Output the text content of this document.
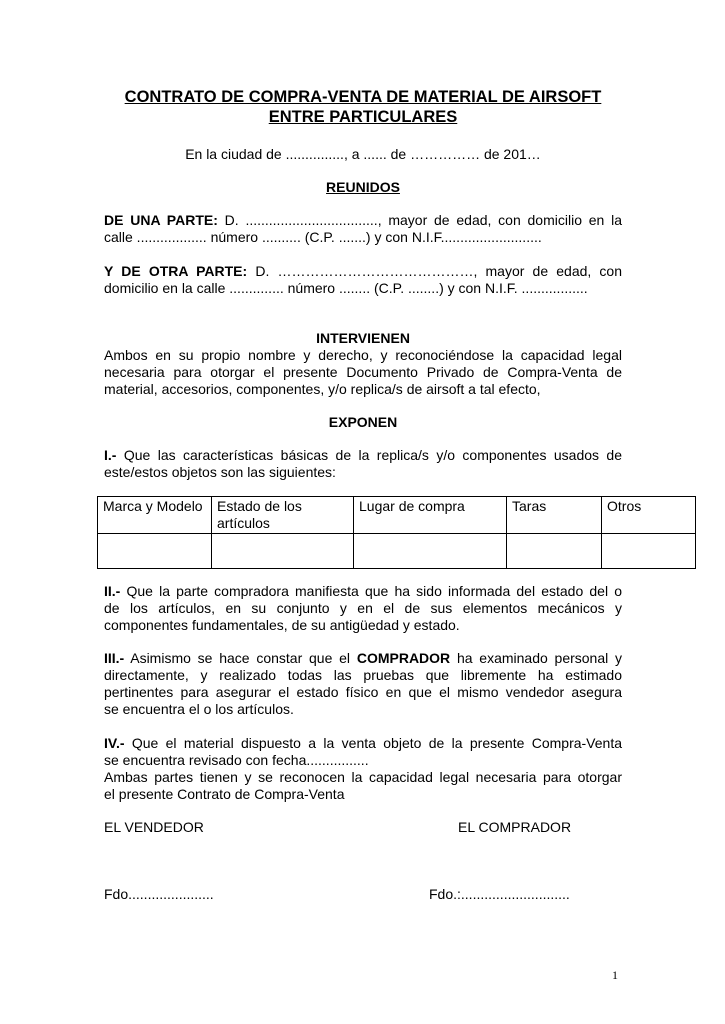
CONTRATO DE COMPRA-VENTA DE MATERIAL DE AIRSOFT
ENTRE PARTICULARES
En la ciudad de ..............., a ...... de …………… de 201…
REUNIDOS
DE UNA PARTE: D. .................................., mayor de edad, con domicilio en la
calle .................. número .......... (C.P. .......) y con N.I.F..........................
Y DE OTRA PARTE: D. ……………………………………, mayor de edad, con
domicilio en la calle .............. número ........ (C.P. ........) y con N.I.F. .................
INTERVIENEN
Ambos en su propio nombre y derecho, y reconociéndose la capacidad legal
necesaria para otorgar el presente Documento Privado de Compra-Venta de
material, accesorios, componentes, y/o replica/s de airsoft a tal efecto,
EXPONEN
I.- Que las características básicas de la replica/s y/o componentes usados de
este/estos objetos son las siguientes:
Marca y Modelo	Estado de los artículos	Lugar de compra	Taras	Otros

II.- Que la parte compradora manifiesta que ha sido informada del estado del o
de los artículos, en su conjunto y en el de sus elementos mecánicos y
componentes fundamentales, de su antigüedad y estado.
III.- Asimismo se hace constar que el COMPRADOR ha examinado personal y
directamente, y realizado todas las pruebas que libremente ha estimado
pertinentes para asegurar el estado físico en que el mismo vendedor asegura
se encuentra el o los artículos.
IV.- Que el material dispuesto a la venta objeto de la presente Compra-Venta
se encuentra revisado con fecha................
Ambas partes tienen y se reconocen la capacidad legal necesaria para otorgar
el presente Contrato de Compra-Venta
EL VENDEDOR	EL COMPRADOR
Fdo......................	Fdo.:............................
1
